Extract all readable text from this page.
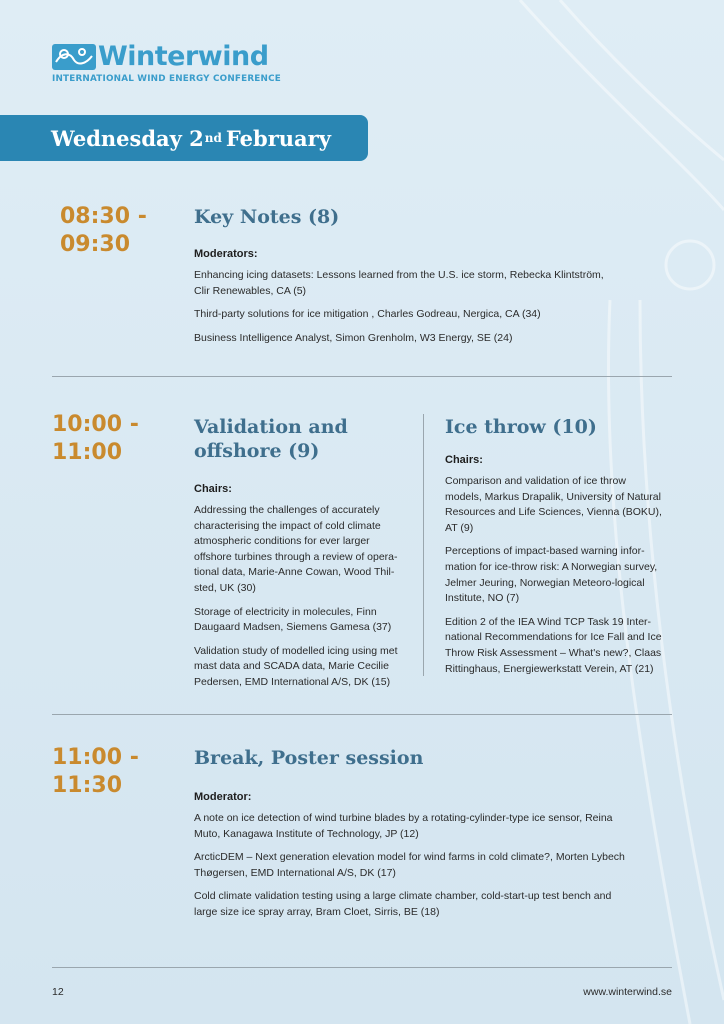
Winterwind
INTERNATIONAL WIND ENERGY CONFERENCE
Wednesday 2 nd February
08:30 -
09:30
Key Notes (8)
Moderators:

Enhancing icing datasets: Lessons learned from the U.S. ice storm, Rebecka Klintström, Clir Renewables, CA (5)

Third-party solutions for ice mitigation , Charles Godreau, Nergica, CA (34)

Business Intelligence Analyst, Simon Grenholm, W3 Energy, SE (24)

10:00 -
11:00
Validation and
offshore (9)
Chairs:

Addressing the challenges of accurately characterising the impact of cold climate atmospheric conditions for ever larger offshore turbines through a review of opera-tional data, Marie-Anne Cowan, Wood Thil-sted, UK (30)

Storage of electricity in molecules, Finn Daugaard Madsen, Siemens Gamesa (37)

Validation study of modelled icing using met mast data and SCADA data, Marie Cecilie Pedersen, EMD International A/S, DK (15)

Ice throw (10)
Chairs:

Comparison and validation of ice throw models, Markus Drapalik, University of Natural Resources and Life Sciences, Vienna (BOKU), AT (9)

Perceptions of impact-based warning infor-mation for ice-throw risk: A Norwegian survey, Jelmer Jeuring, Norwegian Meteoro-logical Institute, NO (7)

Edition 2 of the IEA Wind TCP Task 19 Inter-national Recommendations for Ice Fall and Ice Throw Risk Assessment – What's new?, Claas Rittinghaus, Energiewerkstatt Verein, AT (21)

11:00 -
11:30
Break, Poster session
Moderator:

A note on ice detection of wind turbine blades by a rotating-cylinder-type ice sensor, Reina Muto, Kanagawa Institute of Technology, JP (12)

ArcticDEM – Next generation elevation model for wind farms in cold climate?, Morten Lybech Thøgersen, EMD International A/S, DK (17)

Cold climate validation testing using a large climate chamber, cold-start-up test bench and large size ice spray array, Bram Cloet, Sirris, BE (18)

12	www.winterwind.se
